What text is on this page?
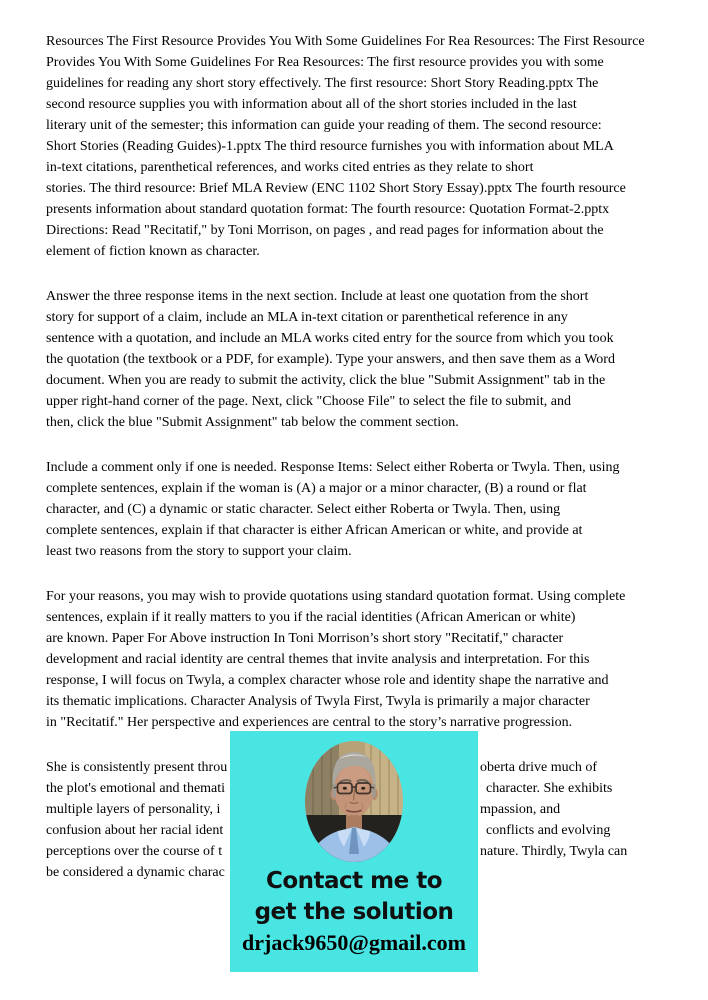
Resources The First Resource Provides You With Some Guidelines For Rea Resources: The First Resource
Provides You With Some Guidelines For Rea Resources: The first resource provides you with some
guidelines for reading any short story effectively. The first resource: Short Story Reading.pptx The
second resource supplies you with information about all of the short stories included in the last
literary unit of the semester; this information can guide your reading of them. The second resource:
Short Stories (Reading Guides)-1.pptx The third resource furnishes you with information about MLA
in-text citations, parenthetical references, and works cited entries as they relate to short
stories. The third resource: Brief MLA Review (ENC 1102 Short Story Essay).pptx The fourth resource
presents information about standard quotation format: The fourth resource: Quotation Format-2.pptx
Directions: Read "Recitatif," by Toni Morrison, on pages , and read pages for information about the
element of fiction known as character.
Answer the three response items in the next section. Include at least one quotation from the short
story for support of a claim, include an MLA in-text citation or parenthetical reference in any
sentence with a quotation, and include an MLA works cited entry for the source from which you took
the quotation (the textbook or a PDF, for example). Type your answers, and then save them as a Word
document. When you are ready to submit the activity, click the blue "Submit Assignment" tab in the
upper right-hand corner of the page. Next, click "Choose File" to select the file to submit, and
then, click the blue "Submit Assignment" tab below the comment section.
Include a comment only if one is needed. Response Items: Select either Roberta or Twyla. Then, using
complete sentences, explain if the woman is (A) a major or a minor character, (B) a round or flat
character, and (C) a dynamic or static character. Select either Roberta or Twyla. Then, using
complete sentences, explain if that character is either African American or white, and provide at
least two reasons from the story to support your claim.
For your reasons, you may wish to provide quotations using standard quotation format. Using complete
sentences, explain if it really matters to you if the racial identities (African American or white)
are known. Paper For Above instruction In Toni Morrison’s short story "Recitatif," character
development and racial identity are central themes that invite analysis and interpretation. For this
response, I will focus on Twyla, a complex character whose role and identity shape the narrative and
its thematic implications. Character Analysis of Twyla First, Twyla is primarily a major character
in "Recitatif." Her perspective and experiences are central to the story’s narrative progression.
She is consistently present throu	oberta drive much of
the plot's emotional and themati	character. She exhibits
multiple layers of personality, i	mpassion, and
confusion about her racial ident	conflicts and evolving
perceptions over the course of t	nature. Thirdly, Twyla can
be considered a dynamic charac	Contact me to
get the solution
drjack9650@gmail.com
